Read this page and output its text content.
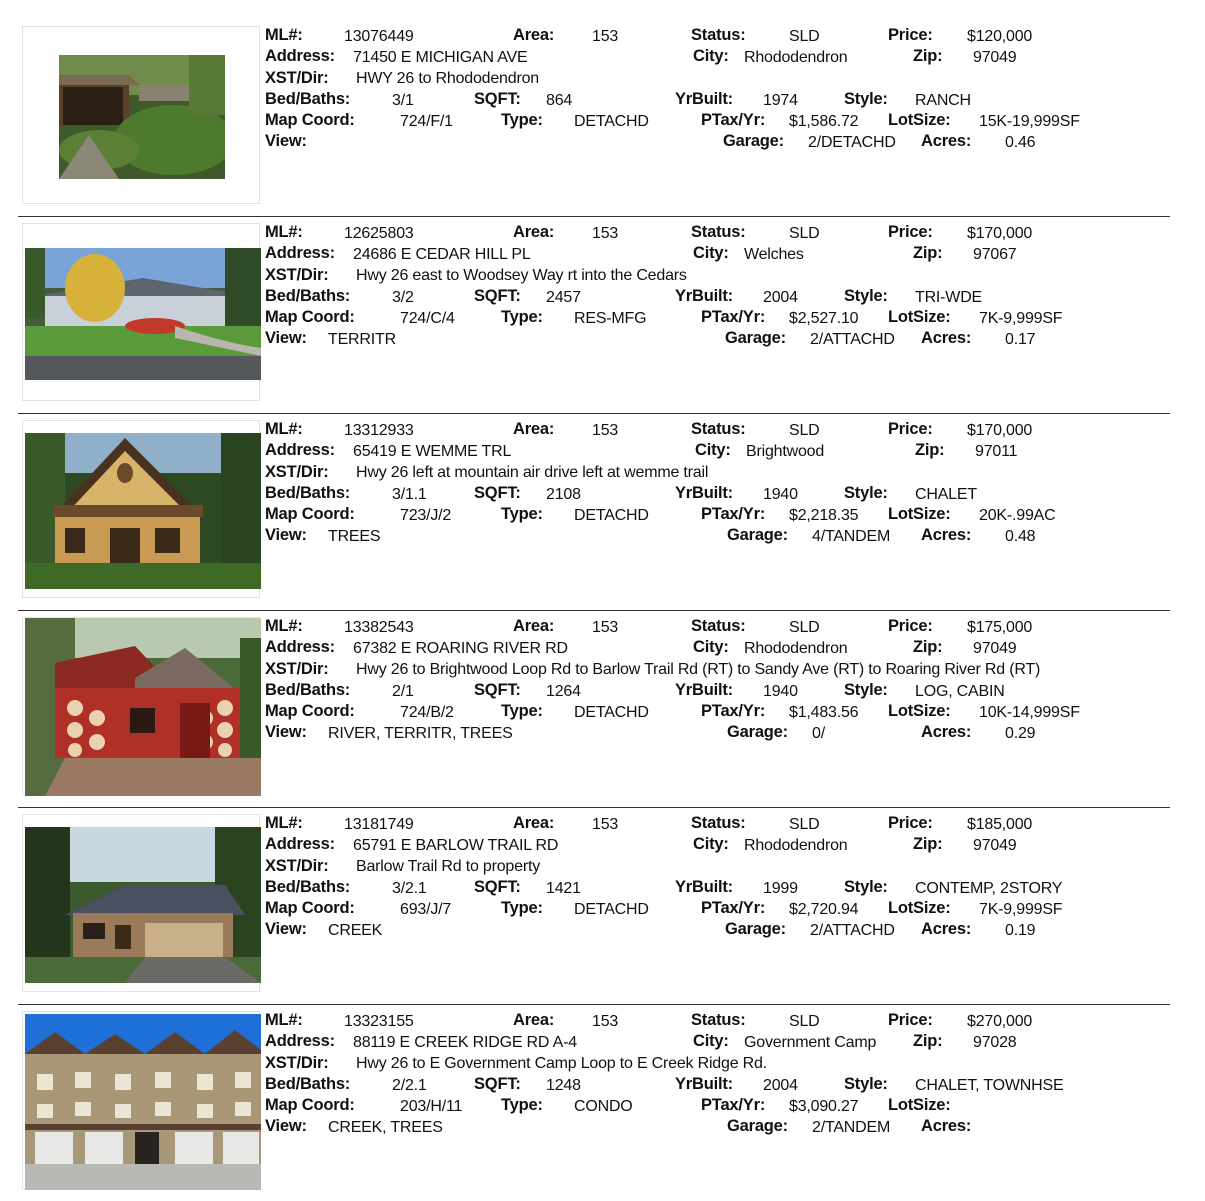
ML#:	13076449	Area: 153	Status:	SLD	Price: $120,000
Address: 71450 E MICHIGAN AVE	City: Rhododendron	Zip: 97049
XST/Dir: HWY 26 to Rhododendron
Bed/Baths:	3/1	SQFT: 864	YrBuilt: 1974	Style: RANCH
Map Coord:	724/F/1	Type: DETACHD	PTax/Yr: $1,586.72 LotSize: 15K-19,999SF
View:	Garage: 2/DETACHD Acres: 0.46
ML#:	12625803	Area: 153	Status:	SLD	Price: $170,000
Address: 24686 E CEDAR HILL PL	City: Welches	Zip: 97067
XST/Dir: Hwy 26 east to Woodsey Way rt into the Cedars
Bed/Baths:	3/2	SQFT: 2457	YrBuilt: 2004	Style: TRI-WDE
Map Coord:	724/C/4	Type: RES-MFG	PTax/Yr: $2,527.10 LotSize: 7K-9,999SF
View: TERRITR	Garage: 2/ATTACHD Acres: 0.17
ML#:	13312933	Area: 153	Status:	SLD	Price: $170,000
Address: 65419 E WEMME TRL	City: Brightwood	Zip: 97011
XST/Dir: Hwy 26 left at mountain air drive left at wemme trail
Bed/Baths:	3/1.1	SQFT: 2108	YrBuilt: 1940	Style: CHALET
Map Coord:	723/J/2	Type: DETACHD	PTax/Yr: $2,218.35 LotSize: 20K-.99AC
View: TREES	Garage: 4/TANDEM Acres: 0.48
ML#:	13382543	Area: 153	Status:	SLD	Price: $175,000
Address: 67382 E ROARING RIVER RD	City: Rhododendron	Zip: 97049
XST/Dir: Hwy 26 to Brightwood Loop Rd to Barlow Trail Rd (RT) to Sandy Ave (RT) to Roaring River Rd (RT)
Bed/Baths:	2/1	SQFT: 1264	YrBuilt: 1940	Style: LOG, CABIN
Map Coord:	724/B/2	Type: DETACHD	PTax/Yr: $1,483.56 LotSize: 10K-14,999SF
View: RIVER, TERRITR, TREES	Garage: 0/	Acres: 0.29
ML#:	13181749	Area: 153	Status:	SLD	Price: $185,000
Address: 65791 E BARLOW TRAIL RD	City: Rhododendron	Zip: 97049
XST/Dir: Barlow Trail Rd to property
Bed/Baths:	3/2.1	SQFT: 1421	YrBuilt: 1999	Style: CONTEMP, 2STORY
Map Coord:	693/J/7	Type: DETACHD	PTax/Yr: $2,720.94 LotSize: 7K-9,999SF
View: CREEK	Garage: 2/ATTACHD Acres: 0.19
ML#:	13323155	Area: 153	Status:	SLD	Price: $270,000
Address: 88119 E CREEK RIDGE RD A-4	City: Government Camp Zip: 97028
XST/Dir: Hwy 26 to E Government Camp Loop to E Creek Ridge Rd.
Bed/Baths:	2/2.1	SQFT: 1248	YrBuilt: 2004	Style: CHALET, TOWNHSE
Map Coord:	203/H/11 Type: CONDO	PTax/Yr: $3,090.27 LotSize:
View: CREEK, TREES	Garage: 2/TANDEM Acres:
